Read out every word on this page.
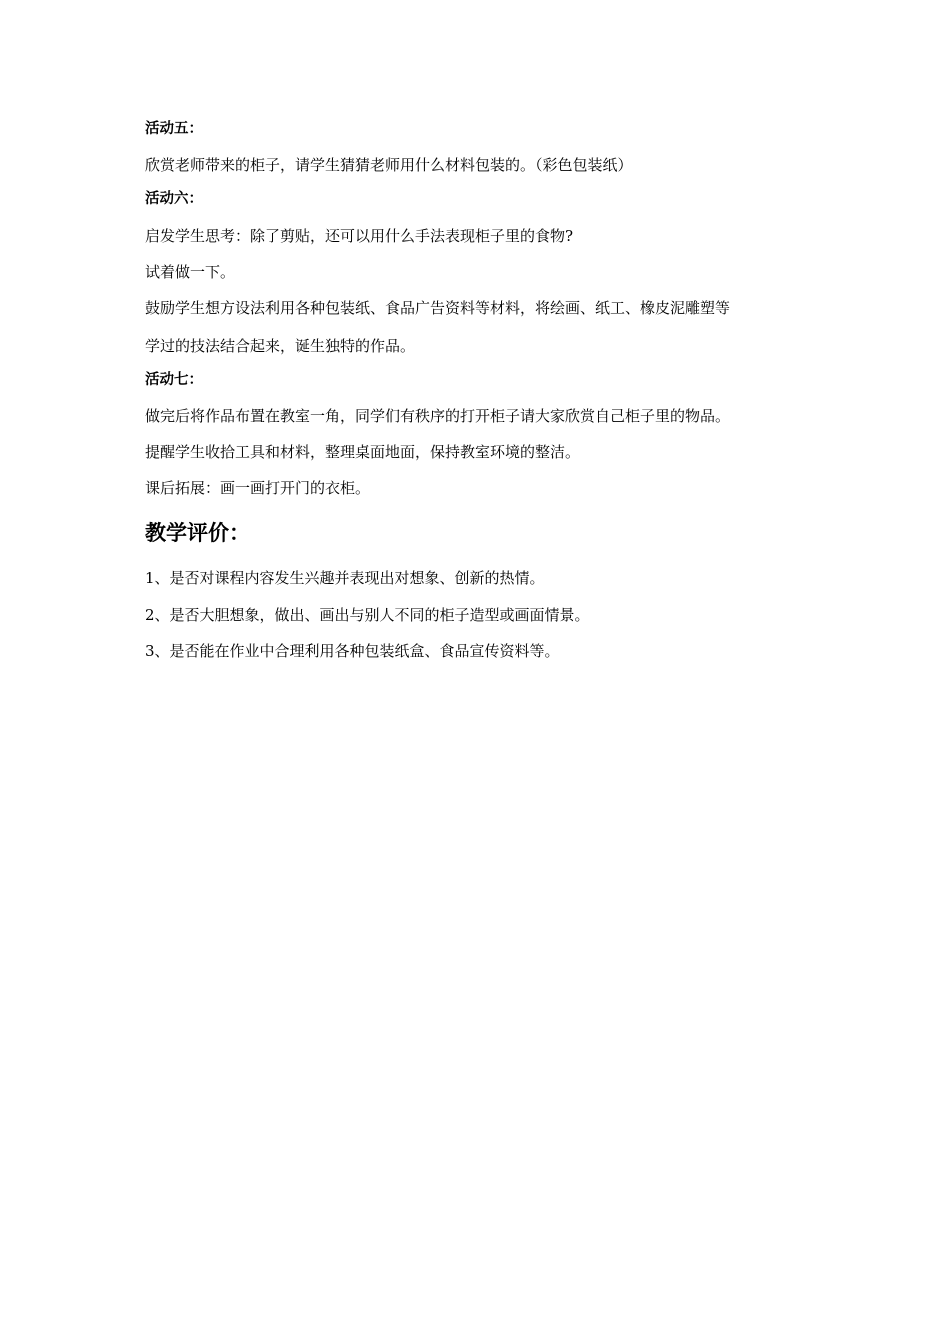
活动五：
欣赏老师带来的柜子，请学生猜猜老师用什么材料包装的。（彩色包装纸）
活动六：
启发学生思考：除了剪贴，还可以用什么手法表现柜子里的食物?
试着做一下。
鼓励学生想方设法利用各种包装纸、食品广告资料等材料，将绘画、纸工、橡皮泥雕塑等
学过的技法结合起来，诞生独特的作品。
活动七：
做完后将作品布置在教室一角，同学们有秩序的打开柜子请大家欣赏自己柜子里的物品。
提醒学生收拾工具和材料，整理桌面地面，保持教室环境的整洁。
课后拓展：画一画打开门的衣柜。
教学评价：
1、是否对课程内容发生兴趣并表现出对想象、创新的热情。
2、是否大胆想象，做出、画出与别人不同的柜子造型或画面情景。
3、是否能在作业中合理利用各种包装纸盒、食品宣传资料等。
